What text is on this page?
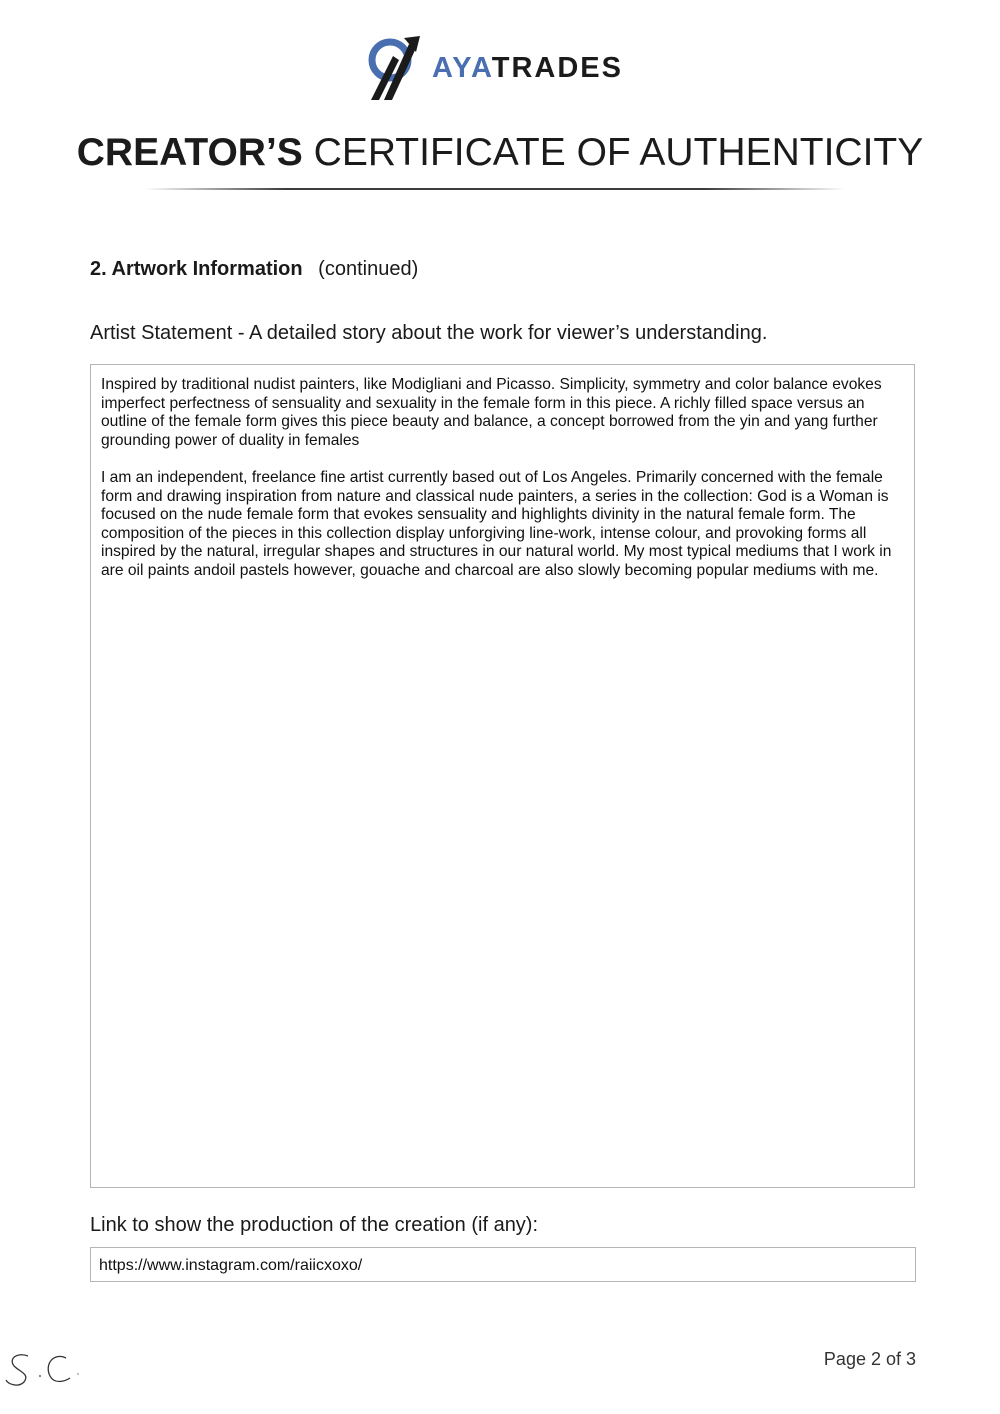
AYATRADES
CREATOR’S CERTIFICATE OF AUTHENTICITY
2. Artwork Information (continued)
Artist Statement - A detailed story about the work for viewer’s understanding.

Inspired by traditional nudist painters, like Modigliani and Picasso. Simplicity, symmetry and color balance evokes imperfect perfectness of sensuality and sexuality in the female form in this piece. A richly filled space versus an outline of the female form gives this piece beauty and balance, a concept borrowed from the yin and yang further grounding power of duality in females

I am an independent, freelance fine artist currently based out of Los Angeles. Primarily concerned with the female form and drawing inspiration from nature and classical nude painters, a series in the collection: God is a Woman is focused on the nude female form that evokes sensuality and highlights divinity in the natural female form. The composition of the pieces in this collection display unforgiving line-work, intense colour, and provoking forms all inspired by the natural, irregular shapes and structures in our natural world. My most typical mediums that I work in are oil paints andoil pastels however, gouache and charcoal are also slowly becoming popular mediums with me.

Link to show the production of the creation (if any):
https://www.instagram.com/raiicxoxo/
Page 2 of 3
